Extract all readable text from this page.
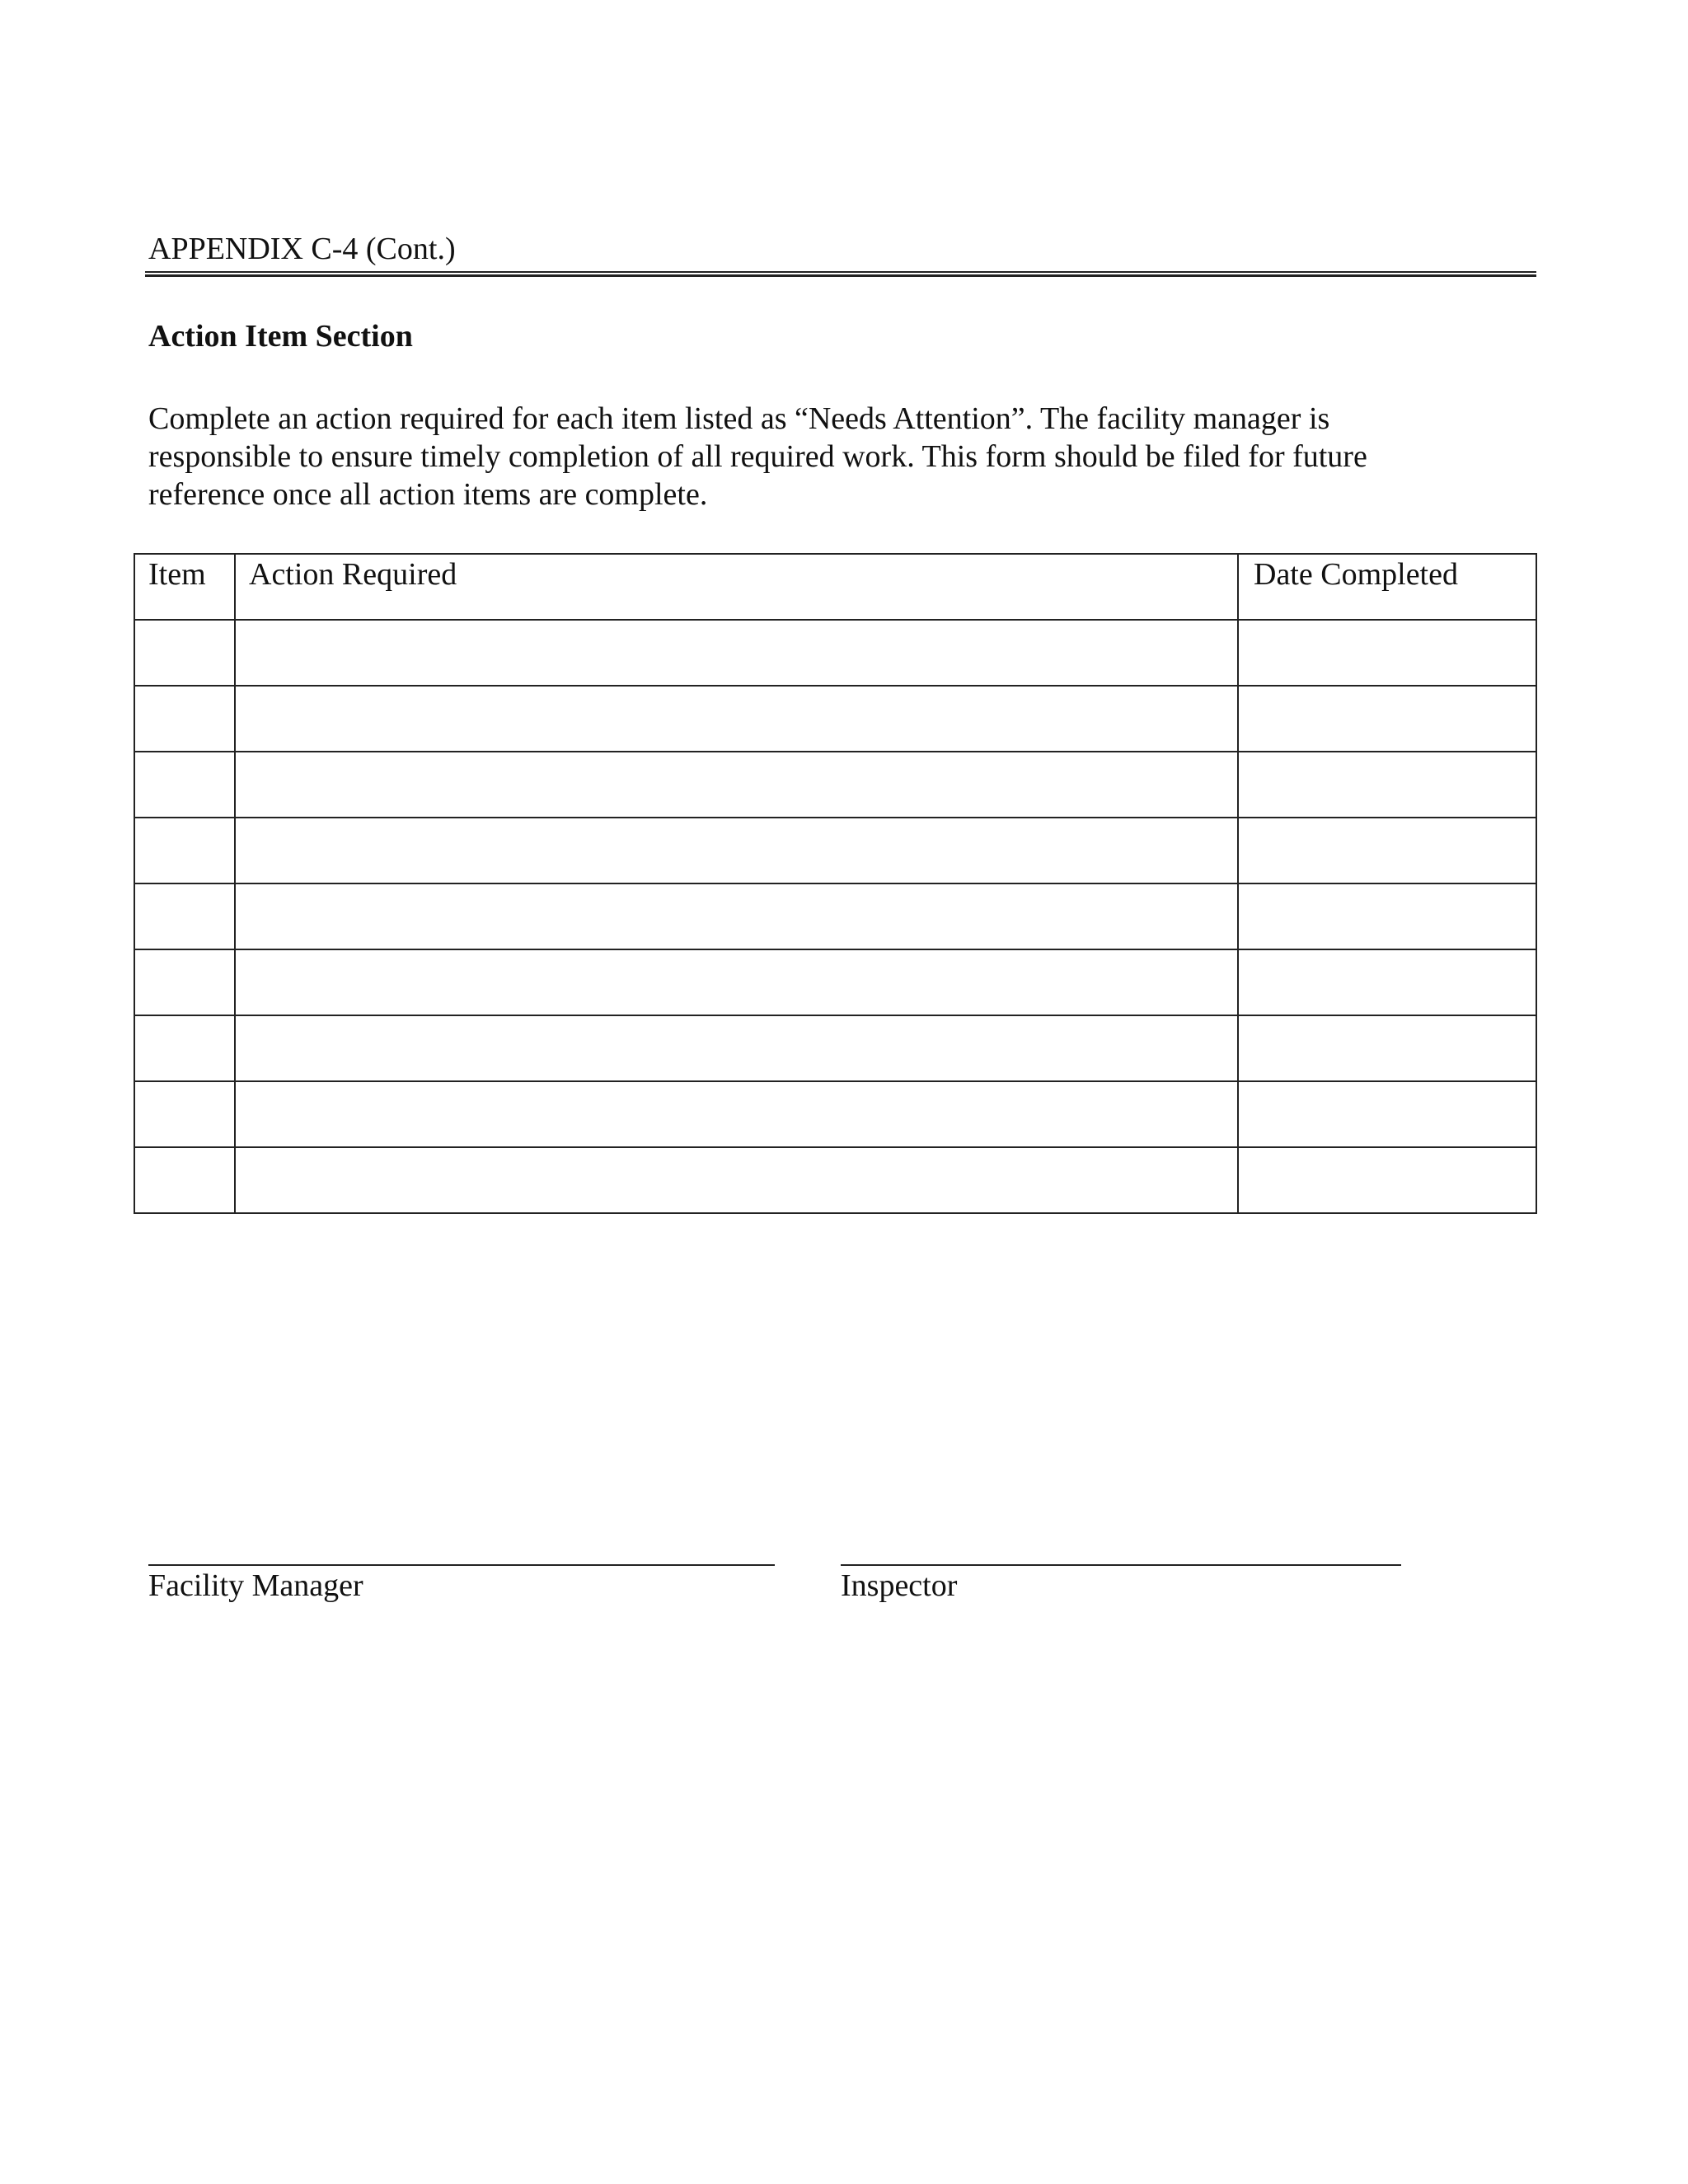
APPENDIX C-4 (Cont.)
Action Item Section

Complete an action required for each item listed as “Needs Attention”. The facility manager is

responsible to ensure timely completion of all required work. This form should be filed for future

reference once all action items are complete.

Item	Action Required	Date Completed

Facility Manager	Inspector
